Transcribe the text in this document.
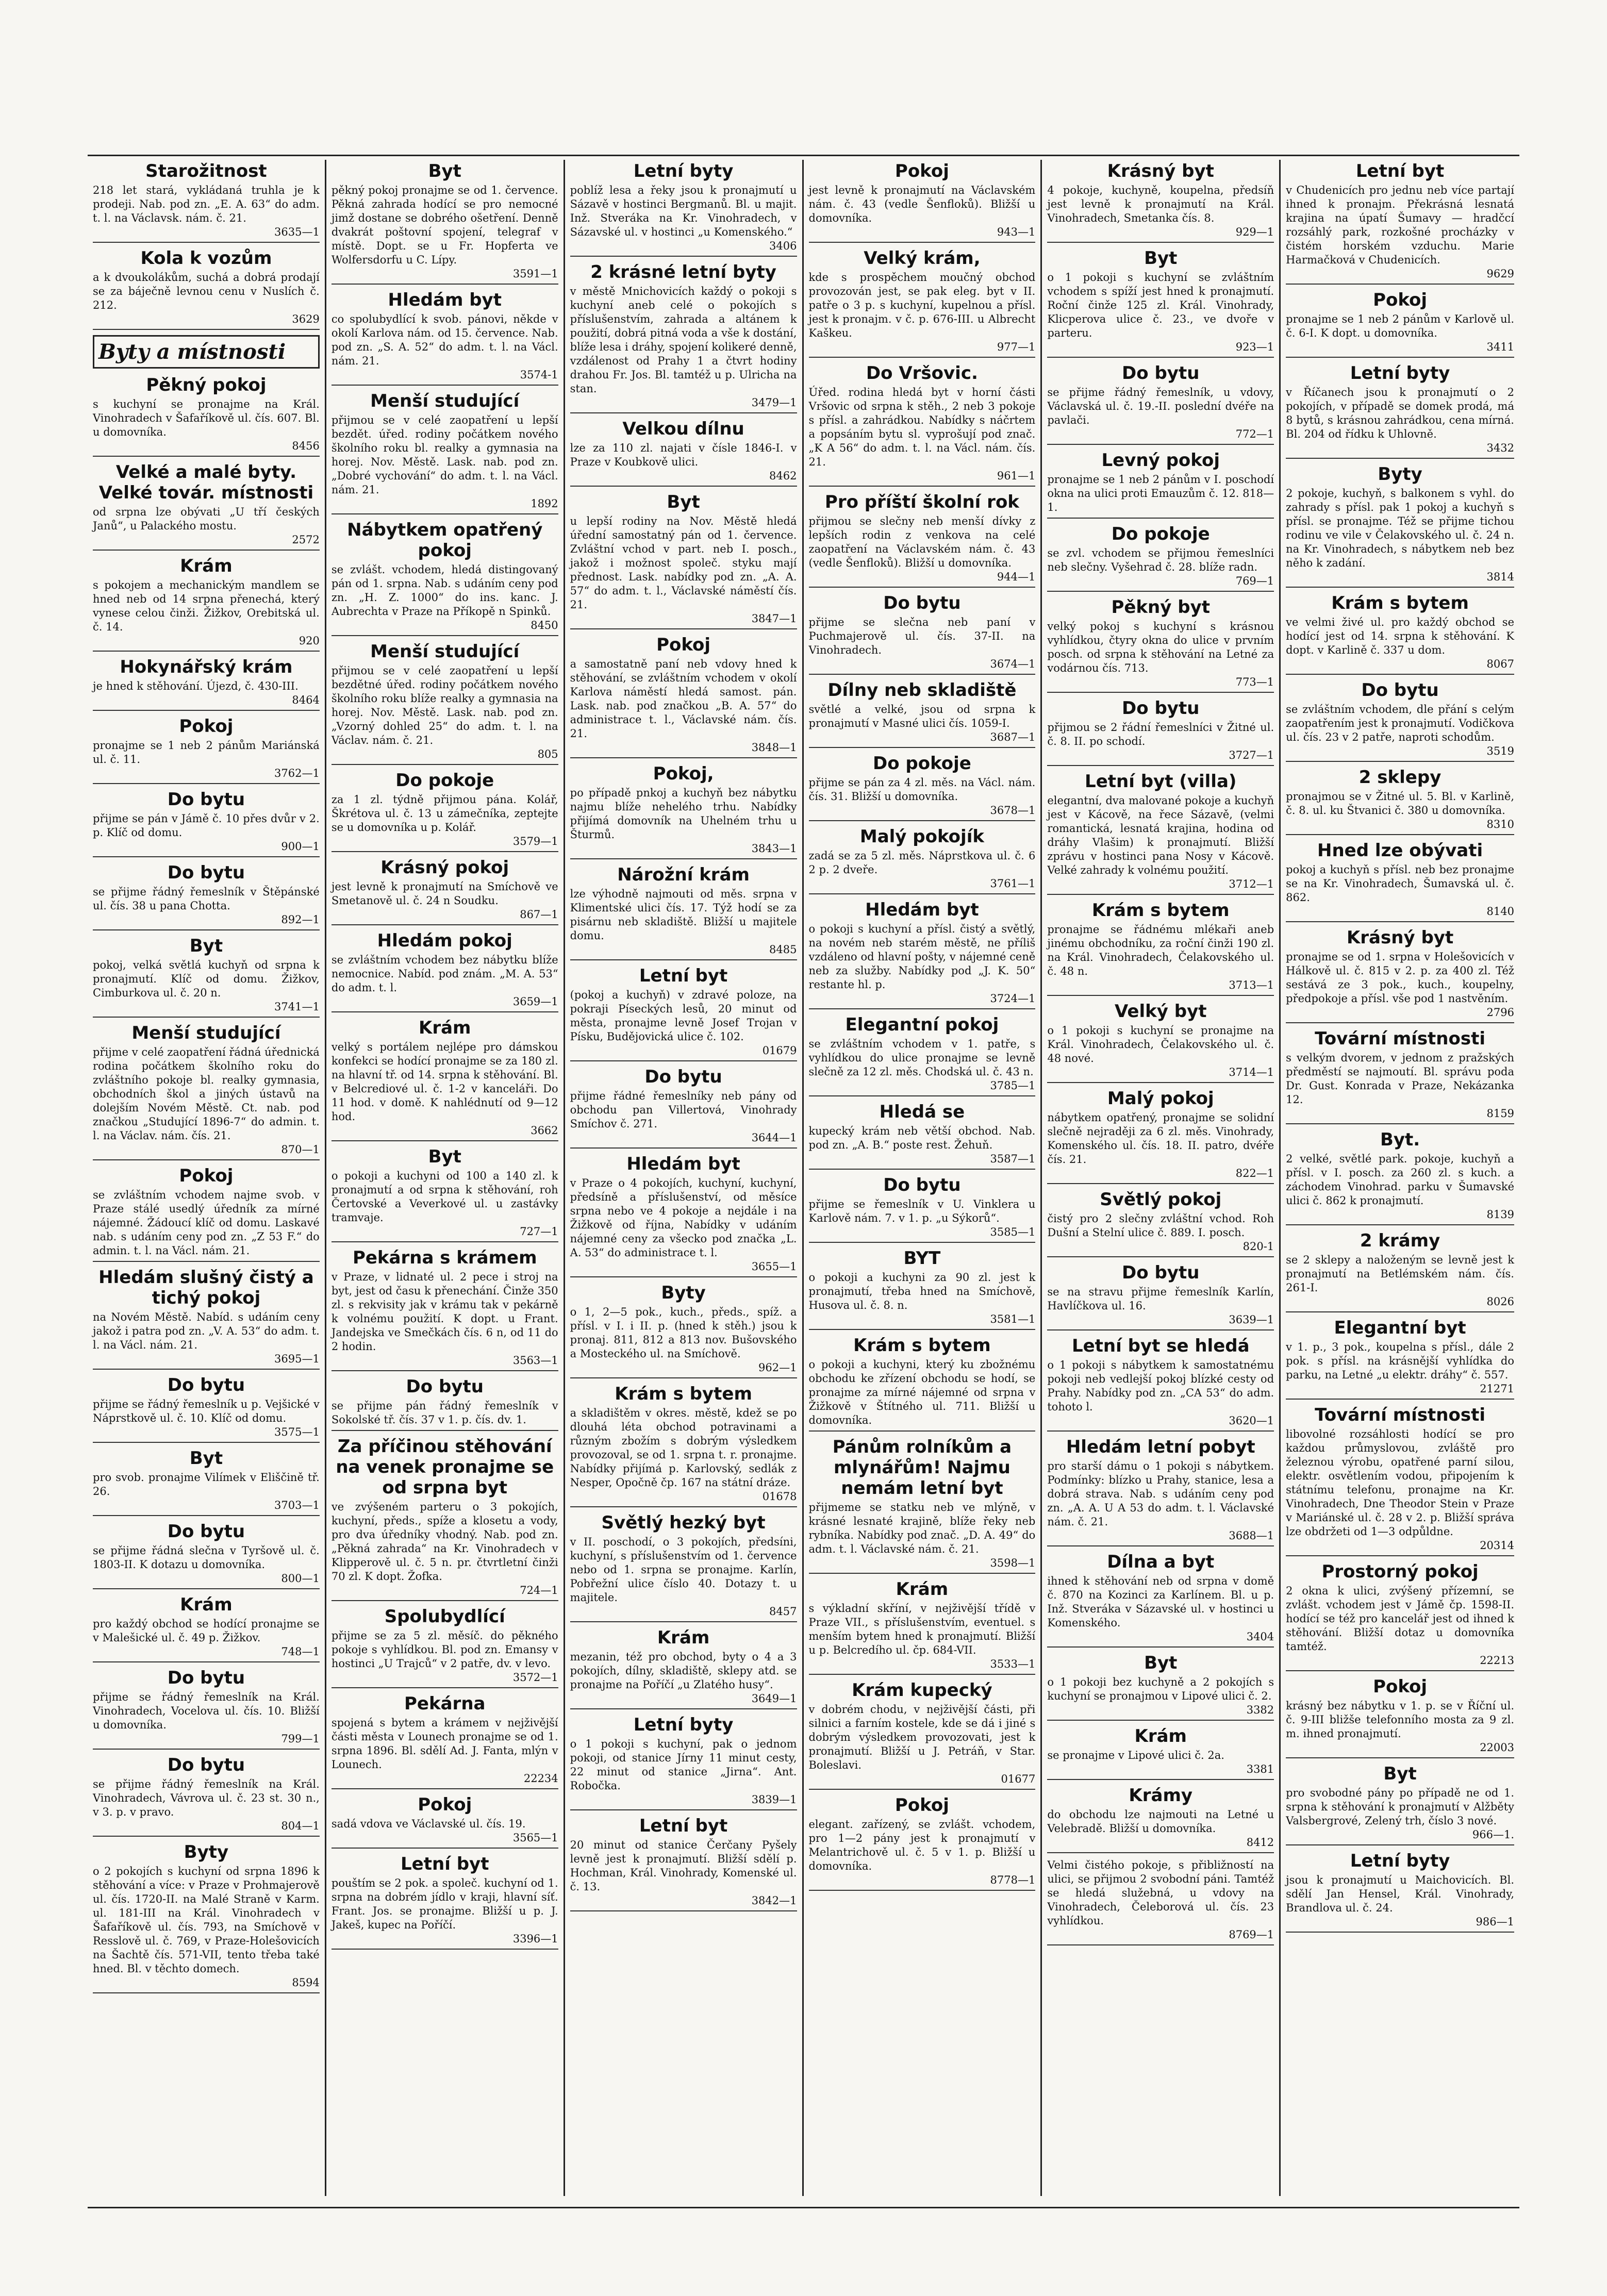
Starožitnost

218 let stará, vykládaná truhla je k prodeji. Nab. pod zn. „E. A. 63“ do adm. t. l. na Václavsk. nám. č. 21.

3635—1
Kola k vozům

a k dvoukolákům, suchá a dobrá prodají se za báječně levnou cenu v Nuslích č. 212.

3629
Byty a místnosti
Pěkný pokoj

s kuchyní se pronajme na Král. Vinohradech v Šafaříkově ul. čís. 607. Bl. u domovníka.

8456
Velké a malé byty. Velké továr. místnosti

od srpna lze obývati „U tří českých Janů“, u Palackého mostu.

2572
Krám

s pokojem a mechanickým mandlem se hned neb od 14 srpna přenechá, který vynese celou činži. Žižkov, Orebitská ul. č. 14.

920
Hokynářský krám

je hned k stěhování. Újezd, č. 430-III.

8464
Pokoj

pronajme se 1 neb 2 pánům Mariánská ul. č. 11.

3762—1
Do bytu

přijme se pán v Jámě č. 10 přes dvůr v 2. p. Klíč od domu.

900—1
Do bytu

se přijme řádný řemeslník v Štěpánské ul. čís. 38 u pana Chotta.

892—1
Byt

pokoj, velká světlá kuchyň od srpna k pronajmutí. Klíč od domu. Žižkov, Cimburkova ul. č. 20 n.

3741—1
Menší studující

přijme v celé zaopatření řádná úřednická rodina počátkem školního roku do zvláštního pokoje bl. realky gymnasia, obchodních škol a jiných ústavů na dolejším Novém Městě. Ct. nab. pod značkou „Studující 1896-7“ do admin. t. l. na Václav. nám. čís. 21.

870—1
Pokoj

se zvláštním vchodem najme svob. v Praze stálé usedlý úředník za mírné nájemné. Žádoucí klíč od domu. Laskavé nab. s udáním ceny pod zn. „Z 53 F.“ do admin. t. l. na Václ. nám. 21.

Hledám slušný čistý a tichý pokoj

na Novém Městě. Nabíd. s udáním ceny jakož i patra pod zn. „V. A. 53“ do adm. t. l. na Václ. nám. 21.

3695—1
Do bytu

přijme se řádný řemeslník u p. Vejšické v Náprstkově ul. č. 10. Klíč od domu.

3575—1
Byt

pro svob. pronajme Vilímek v Eliščině tř. 26.

3703—1
Do bytu

se přijme řádná slečna v Tyršově ul. č. 1803-II. K dotazu u domovníka.

800—1
Krám

pro každý obchod se hodící pronajme se v Malešické ul. č. 49 p. Žižkov.

748—1
Do bytu

přijme se řádný řemeslník na Král. Vinohradech, Vocelova ul. čís. 10. Bližší u domovníka.

799—1
Do bytu

se přijme řádný řemeslník na Král. Vinohradech, Vávrova ul. č. 23 st. 30 n., v 3. p. v pravo.

804—1
Byty

o 2 pokojích s kuchyní od srpna 1896 k stěhování a více: v Praze v Prohmajerově ul. čís. 1720-II. na Malé Straně v Karm. ul. 181-III na Král. Vinohradech v Šafaříkově ul. čís. 793, na Smíchově v Resslově ul. č. 769, v Praze-Holešovicích na Šachtě čís. 571-VII, tento třeba také hned. Bl. v těchto domech.

8594
Byt

pěkný pokoj pronajme se od 1. července. Pěkná zahrada hodící se pro nemocné jimž dostane se dobrého ošetření. Denně dvakrát poštovní spojení, telegraf v místě. Dopt. se u Fr. Hopferta ve Wolfersdorfu u C. Lípy.

3591—1
Hledám byt

co spolubydlící k svob. pánovi, někde v okolí Karlova nám. od 15. července. Nab. pod zn. „S. A. 52“ do adm. t. l. na Václ. nám. 21.

3574-1
Menší studující

přijmou se v celé zaopatření u lepší bezdět. úřed. rodiny počátkem nového školního roku bl. realky a gymnasia na horej. Nov. Městě. Lask. nab. pod zn. „Dobré vychování“ do adm. t. l. na Václ. nám. 21.

1892
Nábytkem opatřený pokoj

se zvlášt. vchodem, hledá distingovaný pán od 1. srpna. Nab. s udáním ceny pod zn. „H. Z. 1000“ do ins. kanc. J. Aubrechta v Praze na Příkopě n Spinků.

8450
Menší studující

přijmou se v celé zaopatření u lepší bezdětné úřed. rodiny počátkem nového školního roku blíže realky a gymnasia na horej. Nov. Městě. Lask. nab. pod zn. „Vzorný dohled 25“ do adm. t. l. na Václav. nám. č. 21.

805
Do pokoje

za 1 zl. týdně přijmou pána. Kolář, Škrétova ul. č. 13 u zámečníka, zeptejte se u domovníka u p. Kolář.

3579—1
Krásný pokoj

jest levně k pronajmutí na Smíchově ve Smetanově ul. č. 24 n Soudku.

867—1
Hledám pokoj

se zvláštním vchodem bez nábytku blíže nemocnice. Nabíd. pod znám. „M. A. 53“ do adm. t. l.

3659—1
Krám

velký s portálem nejlépe pro dámskou konfekci se hodící pronajme se za 180 zl. na hlavní tř. od 14. srpna k stěhování. Bl. v Belcrediové ul. č. 1-2 v kanceláři. Do 11 hod. v domě. K nahlédnutí od 9—12 hod.

3662
Byt

o pokoji a kuchyni od 100 a 140 zl. k pronajmutí a od srpna k stěhování, roh Čertovské a Veverkové ul. u zastávky tramvaje.

727—1
Pekárna s krámem

v Praze, v lidnaté ul. 2 pece i stroj na byt, jest od času k přenechání. Činže 350 zl. s rekvisity jak v krámu tak v pekárně k volnému použití. K dopt. u Frant. Jandejska ve Smečkách čís. 6 n, od 11 do 2 hodin.

3563—1
Do bytu

se přijme pán řádný řemeslník v Sokolské tř. čís. 37 v 1. p. čís. dv. 1.

Za příčinou stěhování na venek pronajme se od srpna byt

ve zvýšeném parteru o 3 pokojích, kuchyní, předs., spíže a klosetu a vody, pro dva úředníky vhodný. Nab. pod zn. „Pěkná zahrada“ na Kr. Vinohradech v Klipperově ul. č. 5 n. pr. čtvrtletní činži 70 zl. K dopt. Žofka.

724—1
Spolubydlící

přijme se za 5 zl. měsíč. do pěkného pokoje s vyhlídkou. Bl. pod zn. Emansy v hostinci „U Trajců“ v 2 patře, dv. v levo.

3572—1
Pekárna

spojená s bytem a krámem v nejživější části města v Lounech pronajme se od 1. srpna 1896. Bl. sdělí Ad. J. Fanta, mlýn v Lounech.

22234
Pokoj

sadá vdova ve Václavské ul. čís. 19.

3565—1
Letní byt

pouštím se 2 pok. a společ. kuchyní od 1. srpna na dobrém jídlo v kraji, hlavní síť. Frant. Jos. se pronajme. Bližší u p. J. Jakeš, kupec na Poříčí.

3396—1
Letní byty

poblíž lesa a řeky jsou k pronajmutí u Sázavě v hostinci Bergmanů. Bl. u majit. Inž. Stveráka na Kr. Vinohradech, v Sázavské ul. v hostinci „u Komenského.“

3406
2 krásné letní byty

v městě Mnichovicích každý o pokoji s kuchyní aneb celé o pokojích s příslušenstvím, zahrada a altánem k použití, dobrá pitná voda a vše k dostání, blíže lesa i dráhy, spojení kolikeré denně, vzdálenost od Prahy 1 a čtvrt hodiny drahou Fr. Jos. Bl. tamtéž u p. Ulricha na stan.

3479—1
Velkou dílnu

lze za 110 zl. najati v čísle 1846-I. v Praze v Koubkově ulici.

8462
Byt

u lepší rodiny na Nov. Městě hledá úřední samostatný pán od 1. července. Zvláštní vchod v part. neb I. posch., jakož i možnost společ. styku mají přednost. Lask. nabídky pod zn. „A. A. 57“ do adm. t. l., Václavské náměstí čís. 21.

3847—1
Pokoj

a samostatně paní neb vdovy hned k stěhování, se zvláštním vchodem v okolí Karlova náměstí hledá samost. pán. Lask. nab. pod značkou „B. A. 57“ do administrace t. l., Václavské nám. čís. 21.

3848—1
Pokoj,

po případě pnkoj a kuchyň bez nábytku najmu blíže nehelého trhu. Nabídky přijímá domovník na Uhelném trhu u Šturmů.

3843—1
Nárožní krám

lze výhodně najmouti od měs. srpna v Klimentské ulici čís. 17. Týž hodí se za pisárnu neb skladiště. Bližší u majitele domu.

8485
Letní byt

(pokoj a kuchyň) v zdravé poloze, na pokraji Píseckých lesů, 20 minut od města, pronajme levně Josef Trojan v Písku, Budějovická ulice č. 102.

01679
Do bytu

přijme řádné řemeslníky neb pány od obchodu pan Villertová, Vinohrady Smíchov č. 271.

3644—1
Hledám byt

v Praze o 4 pokojích, kuchyní, kuchyní, předsíně a příslušenství, od měsíce srpna nebo ve 4 pokoje a nejdále i na Žižkově od října, Nabídky v udáním nájemné ceny za všecko pod značka „L. A. 53“ do administrace t. l.

3655—1
Byty

o 1, 2—5 pok., kuch., předs., spíž. a přísl. v I. i II. p. (hned k stěh.) jsou k pronaj. 811, 812 a 813 nov. Bušovského a Mosteckého ul. na Smíchově.

962—1
Krám s bytem

a skladištěm v okres. městě, kdež se po dlouhá léta obchod potravinami a různým zbožím s dobrým výsledkem provozoval, se od 1. srpna t. r. pronajme. Nabídky přijímá p. Karlovský, sedlák z Nesper, Opočně čp. 167 na státní dráze.

01678
Světlý hezký byt

v II. poschodí, o 3 pokojích, předsíni, kuchyní, s příslušenstvím od 1. července nebo od 1. srpna se pronajme. Karlín, Pobřežní ulice číslo 40. Dotazy t. u majitele.

8457
Krám

mezanin, též pro obchod, byty o 4 a 3 pokojích, dílny, skladiště, sklepy atd. se pronajme na Poříčí „u Zlatého husy“.

3649—1
Letní byty

o 1 pokoji s kuchyní, pak o jednom pokoji, od stanice Jírny 11 minut cesty, 22 minut od stanice „Jirna“. Ant. Robočka.

3839—1
Letní byt

20 minut od stanice Čerčany Pyšely levně jest k pronajmutí. Bližší sdělí p. Hochman, Král. Vinohrady, Komenské ul. č. 13.

3842—1
Pokoj

jest levně k pronajmutí na Václavském nám. č. 43 (vedle Šenfloků). Bližší u domovníka.

943—1
Velký krám,

kde s prospěchem moučný obchod provozován jest, se pak eleg. byt v II. patře o 3 p. s kuchyní, kupelnou a přísl. jest k pronajm. v č. p. 676-III. u Albrecht Kaškeu.

977—1
Do Vršovic.

Úřed. rodina hledá byt v horní části Vršovic od srpna k stěh., 2 neb 3 pokoje s přísl. a zahrádkou. Nabídky s náčrtem a popsáním bytu sl. vyprošují pod znač. „K A 56“ do adm. t. l. na Václ. nám. čís. 21.

961—1
Pro příští školní rok

přijmou se slečny neb menší dívky z lepších rodin z venkova na celé zaopatření na Václavském nám. č. 43 (vedle Šenfloků). Bližší u domovníka.

944—1
Do bytu

přijme se slečna neb paní v Puchmajerově ul. čís. 37-II. na Vinohradech.

3674—1
Dílny neb skladiště

světlé a velké, jsou od srpna k pronajmutí v Masné ulici čís. 1059-I.

3687—1
Do pokoje

přijme se pán za 4 zl. měs. na Václ. nám. čís. 31. Bližší u domovníka.

3678—1
Malý pokojík

zadá se za 5 zl. měs. Náprstkova ul. č. 6 2 p. 2 dveře.

3761—1
Hledám byt

o pokoji s kuchyní a přísl. čistý a světlý, na novém neb starém městě, ne příliš vzdáleno od hlavní pošty, v nájemné ceně neb za služby. Nabídky pod „J. K. 50“ restante hl. p.

3724—1
Elegantní pokoj

se zvláštním vchodem v 1. patře, s vyhlídkou do ulice pronajme se levně slečně za 12 zl. měs. Chodská ul. č. 43 n.

3785—1
Hledá se

kupecký krám neb větší obchod. Nab. pod zn. „A. B.“ poste rest. Žehuň.

3587—1
Do bytu

přijme se řemeslník v U. Vinklera u Karlově nám. 7. v 1. p. „u Sýkorů“.

3585—1
BYT

o pokoji a kuchyni za 90 zl. jest k pronajmutí, třeba hned na Smíchově, Husova ul. č. 8. n.

3581—1
Krám s bytem

o pokoji a kuchyni, který ku zbožnému obchodu ke zřízení obchodu se hodí, se pronajme za mírné nájemné od srpna v Žižkově v Štítného ul. 711. Bližší u domovníka.

Pánům rolníkům a mlynářům! Najmu nemám letní byt

přijmeme se statku neb ve mlýně, v krásné lesnaté krajině, blíže řeky neb rybníka. Nabídky pod znač. „D. A. 49“ do adm. t. l. Václavské nám. č. 21.

3598—1
Krám

s výkladní skříní, v nejživější třídě v Praze VII., s příslušenstvím, eventuel. s menším bytem hned k pronajmutí. Bližší u p. Belcredího ul. čp. 684-VII.

3533—1
Krám kupecký

v dobrém chodu, v nejživější části, při silnici a farním kostele, kde se dá i jiné s dobrým výsledkem provozovati, jest k pronajmutí. Bližší u J. Petráň, v Star. Boleslavi.

01677
Pokoj

elegant. zařízený, se zvlášt. vchodem, pro 1—2 pány jest k pronajmutí v Melantrichově ul. č. 5 v 1. p. Bližší u domovníka.

8778—1
Krásný byt

4 pokoje, kuchyně, koupelna, předsíň jest levně k pronajmutí na Král. Vinohradech, Smetanka čís. 8.

929—1
Byt

o 1 pokoji s kuchyní se zvláštním vchodem s spíží jest hned k pronajmutí. Roční činže 125 zl. Král. Vinohrady, Klicperova ulice č. 23., ve dvoře v parteru.

923—1
Do bytu

se přijme řádný řemeslník, u vdovy, Václavská ul. č. 19.-II. poslední dvéře na pavlači.

772—1
Levný pokoj

pronajme se 1 neb 2 pánům v I. poschodí okna na ulici proti Emauzům č. 12. 818—1.

Do pokoje

se zvl. vchodem se přijmou řemeslníci neb slečny. Vyšehrad č. 28. blíže radn.

769—1
Pěkný byt

velký pokoj s kuchyní s krásnou vyhlídkou, čtyry okna do ulice v prvním posch. od srpna k stěhování na Letné za vodárnou čís. 713.

773—1
Do bytu

přijmou se 2 řádní řemeslníci v Žitné ul. č. 8. II. po schodí.

3727—1
Letní byt (villa)

elegantní, dva malované pokoje a kuchyň jest v Kácově, na řece Sázavě, (velmi romantická, lesnatá krajina, hodina od dráhy Vlašim) k pronajmutí. Bližší zprávu v hostinci pana Nosy v Kácově. Velké zahrady k volnému použití.

3712—1
Krám s bytem

pronajme se řádnému mlékaři aneb jinému obchodníku, za roční činži 190 zl. na Král. Vinohradech, Čelakovského ul. č. 48 n.

3713—1
Velký byt

o 1 pokoji s kuchyní se pronajme na Král. Vinohradech, Čelakovského ul. č. 48 nové.

3714—1
Malý pokoj

nábytkem opatřený, pronajme se solidní slečně nejraději za 6 zl. měs. Vinohrady, Komenského ul. čís. 18. II. patro, dvéře čís. 21.

822—1
Světlý pokoj

čistý pro 2 slečny zvláštní vchod. Roh Dušní a Stelní ulice č. 889. I. posch.

820-1
Do bytu

se na stravu přijme řemeslník Karlín, Havlíčkova ul. 16.

3639—1
Letní byt se hledá

o 1 pokoji s nábytkem k samostatnému pokoji neb vedlejší pokoj blízké cesty od Prahy. Nabídky pod zn. „CA 53“ do adm. tohoto l.

3620—1
Hledám letní pobyt

pro starší dámu o 1 pokoji s nábytkem. Podmínky: blízko u Prahy, stanice, lesa a dobrá strava. Nab. s udáním ceny pod zn. „A. A. U A 53 do adm. t. l. Václavské nám. č. 21.

3688—1
Dílna a byt

ihned k stěhování neb od srpna v domě č. 870 na Kozinci za Karlínem. Bl. u p. Inž. Stveráka v Sázavské ul. v hostinci u Komenského.

3404
Byt

o 1 pokoji bez kuchyně a 2 pokojích s kuchyní se pronajmou v Lipové ulici č. 2.

3382
Krám

se pronajme v Lipové ulici č. 2a.

3381
Krámy

do obchodu lze najmouti na Letné u Velebradě. Bližší u domovníka.

8412

Velmi čistého pokoje, s přibližností na ulici, se přijmou 2 svobodní páni. Tamtéž se hledá služebná, u vdovy na Vinohradech, Čeleborová ul. čís. 23 vyhlídkou.

8769—1
Letní byt

v Chudenicích pro jednu neb více partají ihned k pronajm. Překrásná lesnatá krajina na úpatí Šumavy — hradčcí rozsáhlý park, rozkošné procházky v čistém horském vzduchu. Marie Harmačková v Chudenicích.

9629
Pokoj

pronajme se 1 neb 2 pánům v Karlově ul. č. 6-I. K dopt. u domovníka.

3411
Letní byty

v Říčanech jsou k pronajmutí o 2 pokojích, v případě se domek prodá, má 8 bytů, s krásnou zahrádkou, cena mírná. Bl. 204 od řídku k Uhlovně.

3432
Byty

2 pokoje, kuchyň, s balkonem s vyhl. do zahrady s přísl. pak 1 pokoj a kuchyň s přísl. se pronajme. Též se přijme tichou rodinu ve vile v Čelakovského ul. č. 24 n. na Kr. Vinohradech, s nábytkem neb bez něho k zadání.

3814
Krám s bytem

ve velmi živé ul. pro každý obchod se hodící jest od 14. srpna k stěhování. K dopt. v Karlině č. 337 u dom.

8067
Do bytu

se zvláštním vchodem, dle přání s celým zaopatřením jest k pronajmutí. Vodičkova ul. čís. 23 v 2 patře, naproti schodům.

3519
2 sklepy

pronajmou se v Žitné ul. 5. Bl. v Karlině, č. 8. ul. ku Štvanici č. 380 u domovníka.

8310
Hned lze obývati

pokoj a kuchyň s přísl. neb bez pronajme se na Kr. Vinohradech, Šumavská ul. č. 862.

8140
Krásný byt

pronajme se od 1. srpna v Holešovicích v Hálkově ul. č. 815 v 2. p. za 400 zl. Též sestává ze 3 pok., kuch., koupelny, předpokoje a přísl. vše pod 1 nastvěním.

2796
Tovární místnosti

s velkým dvorem, v jednom z pražských předměstí se najmoutí. Bl. správu poda Dr. Gust. Konrada v Praze, Nekázanka 12.

8159
Byt.

2 velké, světlé park. pokoje, kuchyň a přísl. v I. posch. za 260 zl. s kuch. a záchodem Vinohrad. parku v Šumavské ulici č. 862 k pronajmutí.

8139
2 krámy

se 2 sklepy a naloženým se levně jest k pronajmutí na Betlémském nám. čís. 261-I.

8026
Elegantní byt

v 1. p., 3 pok., koupelna s přísl., dále 2 pok. s přísl. na krásnější vyhlídka do parku, na Letné „u elektr. dráhy“ č. 557.

21271
Tovární místnosti

libovolné rozsáhlosti hodící se pro každou průmyslovou, zvláště pro železnou výrobu, opatřené parní silou, elektr. osvětlením vodou, připojením k státnímu telefonu, pronajme na Kr. Vinohradech, Dne Theodor Stein v Praze v Mariánské ul. č. 28 v 2. p. Bližší správa lze obdržeti od 1—3 odpůldne.

20314
Prostorný pokoj

2 okna k ulici, zvýšený přízemní, se zvlášt. vchodem jest v Jámě čp. 1598-II. hodící se též pro kancelář jest od ihned k stěhování. Bližší dotaz u domovníka tamtéž.

22213
Pokoj

krásný bez nábytku v 1. p. se v Říční ul. č. 9-III bližše telefonního mosta za 9 zl. m. ihned pronajmutí.

22003
Byt

pro svobodné pány po případě ne od 1. srpna k stěhování k pronajmutí v Alžběty Valsbergrové, Zelený trh, číslo 3 nové.

966—1.
Letní byty

jsou k pronajmutí u Maichovicích. Bl. sdělí Jan Hensel, Král. Vinohrady, Brandlova ul. č. 24.

986—1
